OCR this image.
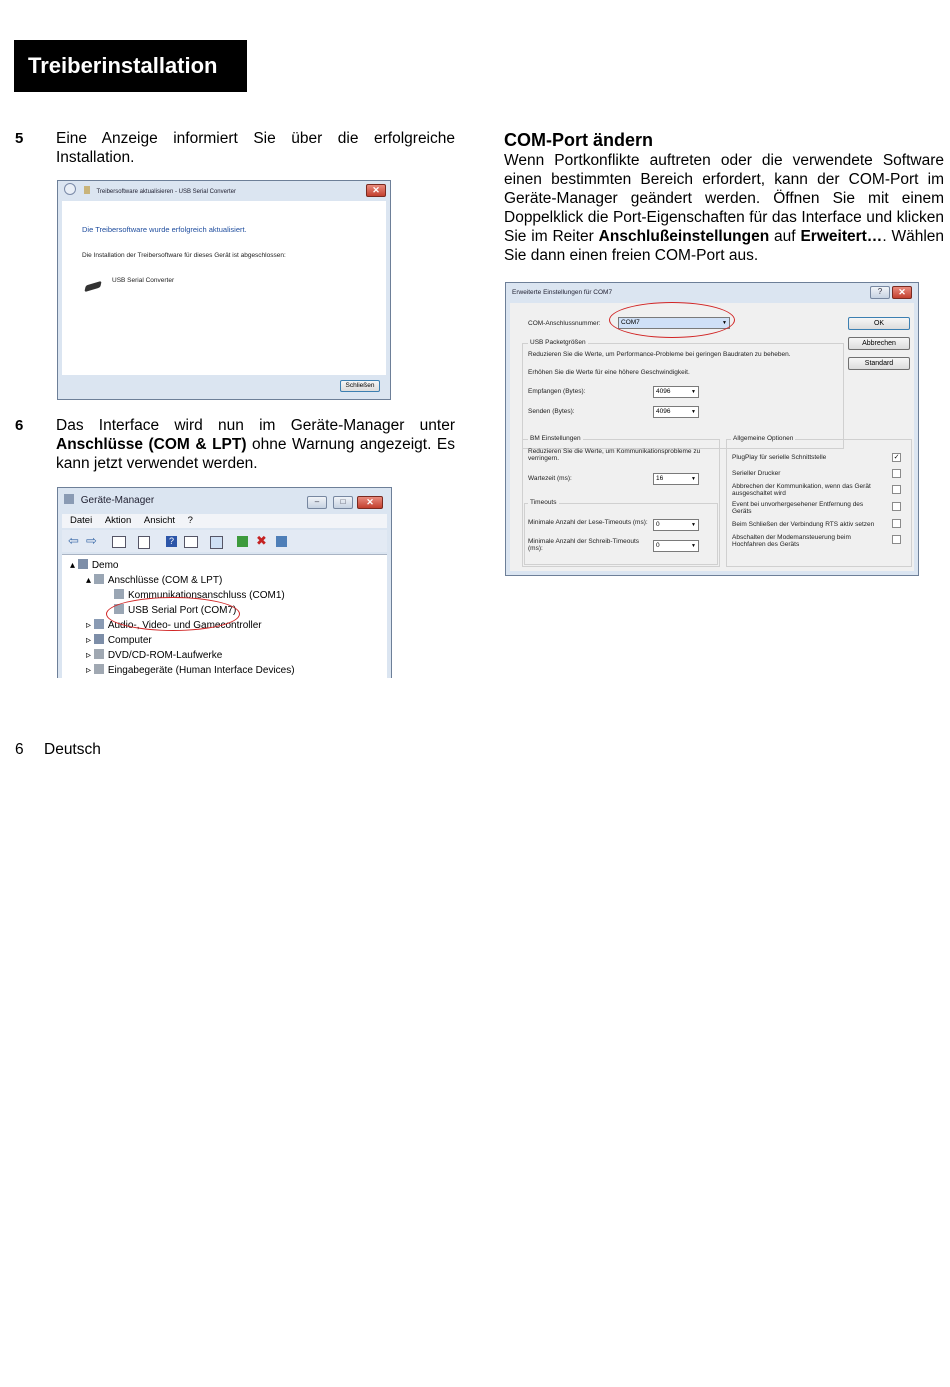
Treiberinstallation
5 Eine Anzeige informiert Sie über die erfolgreiche Installation.
Treibersoftware aktualisieren - USB Serial Converter	✕
Die Treibersoftware wurde erfolgreich aktualisiert.
Die Installation der Treibersoftware für dieses Gerät ist abgeschlossen:
USB Serial Converter
Schließen
6 Das Interface wird nun im Geräte-Manager unter Anschlüsse (COM & LPT) ohne Warnung angezeigt. Es kann jetzt verwendet werden.
Geräte-Manager	–	□	✕
Datei Aktion Ansicht ?
⇦ ⇨	?	✖
▴ Demo
▴ Anschlüsse (COM & LPT)
Kommunikationsanschluss (COM1)
USB Serial Port (COM7)
▹ Audio-, Video- und Gamecontroller
▹ Computer
▹ DVD/CD-ROM-Laufwerke
▹ Eingabegeräte (Human Interface Devices)
COM-Port ändern
Wenn Portkonflikte auftreten oder die verwendete Software einen bestimmten Bereich erfordert, kann der COM-Port im Geräte-Manager geändert werden. Öffnen Sie mit einem Doppelklick die Port-Eigenschaften für das Interface und klicken Sie im Reiter Anschlußeinstellungen auf Erweitert…. Wählen Sie dann einen freien COM-Port aus.
Erweiterte Einstellungen für COM7	?	✕
COM-Anschlussnummer:	COM7 ▼	OK
Abbrechen
Standard
USB Packetgrößen
Reduzieren Sie die Werte, um Performance-Probleme bei geringen Baudraten zu beheben.
Erhöhen Sie die Werte für eine höhere Geschwindigkeit.
Empfangen (Bytes):	4096 ▼
Senden (Bytes):	4096 ▼
BM Einstellungen
Reduzieren Sie die Werte, um Kommunikationsprobleme zu verringern.
Wartezeit (ms):	16 ▼
Timeouts
Minimale Anzahl der Lese-Timeouts (ms):	0 ▼
Minimale Anzahl der Schreib-Timeouts (ms):	0 ▼
Allgemeine Optionen
PlugPlay für serielle Schnittstelle	✓
Serieller Drucker
Abbrechen der Kommunikation, wenn das Gerät ausgeschaltet wird
Event bei unvorhergesehener Entfernung des Geräts
Beim Schließen der Verbindung RTS aktiv setzen
Abschalten der Modemansteuerung beim Hochfahren des Geräts
6 Deutsch
